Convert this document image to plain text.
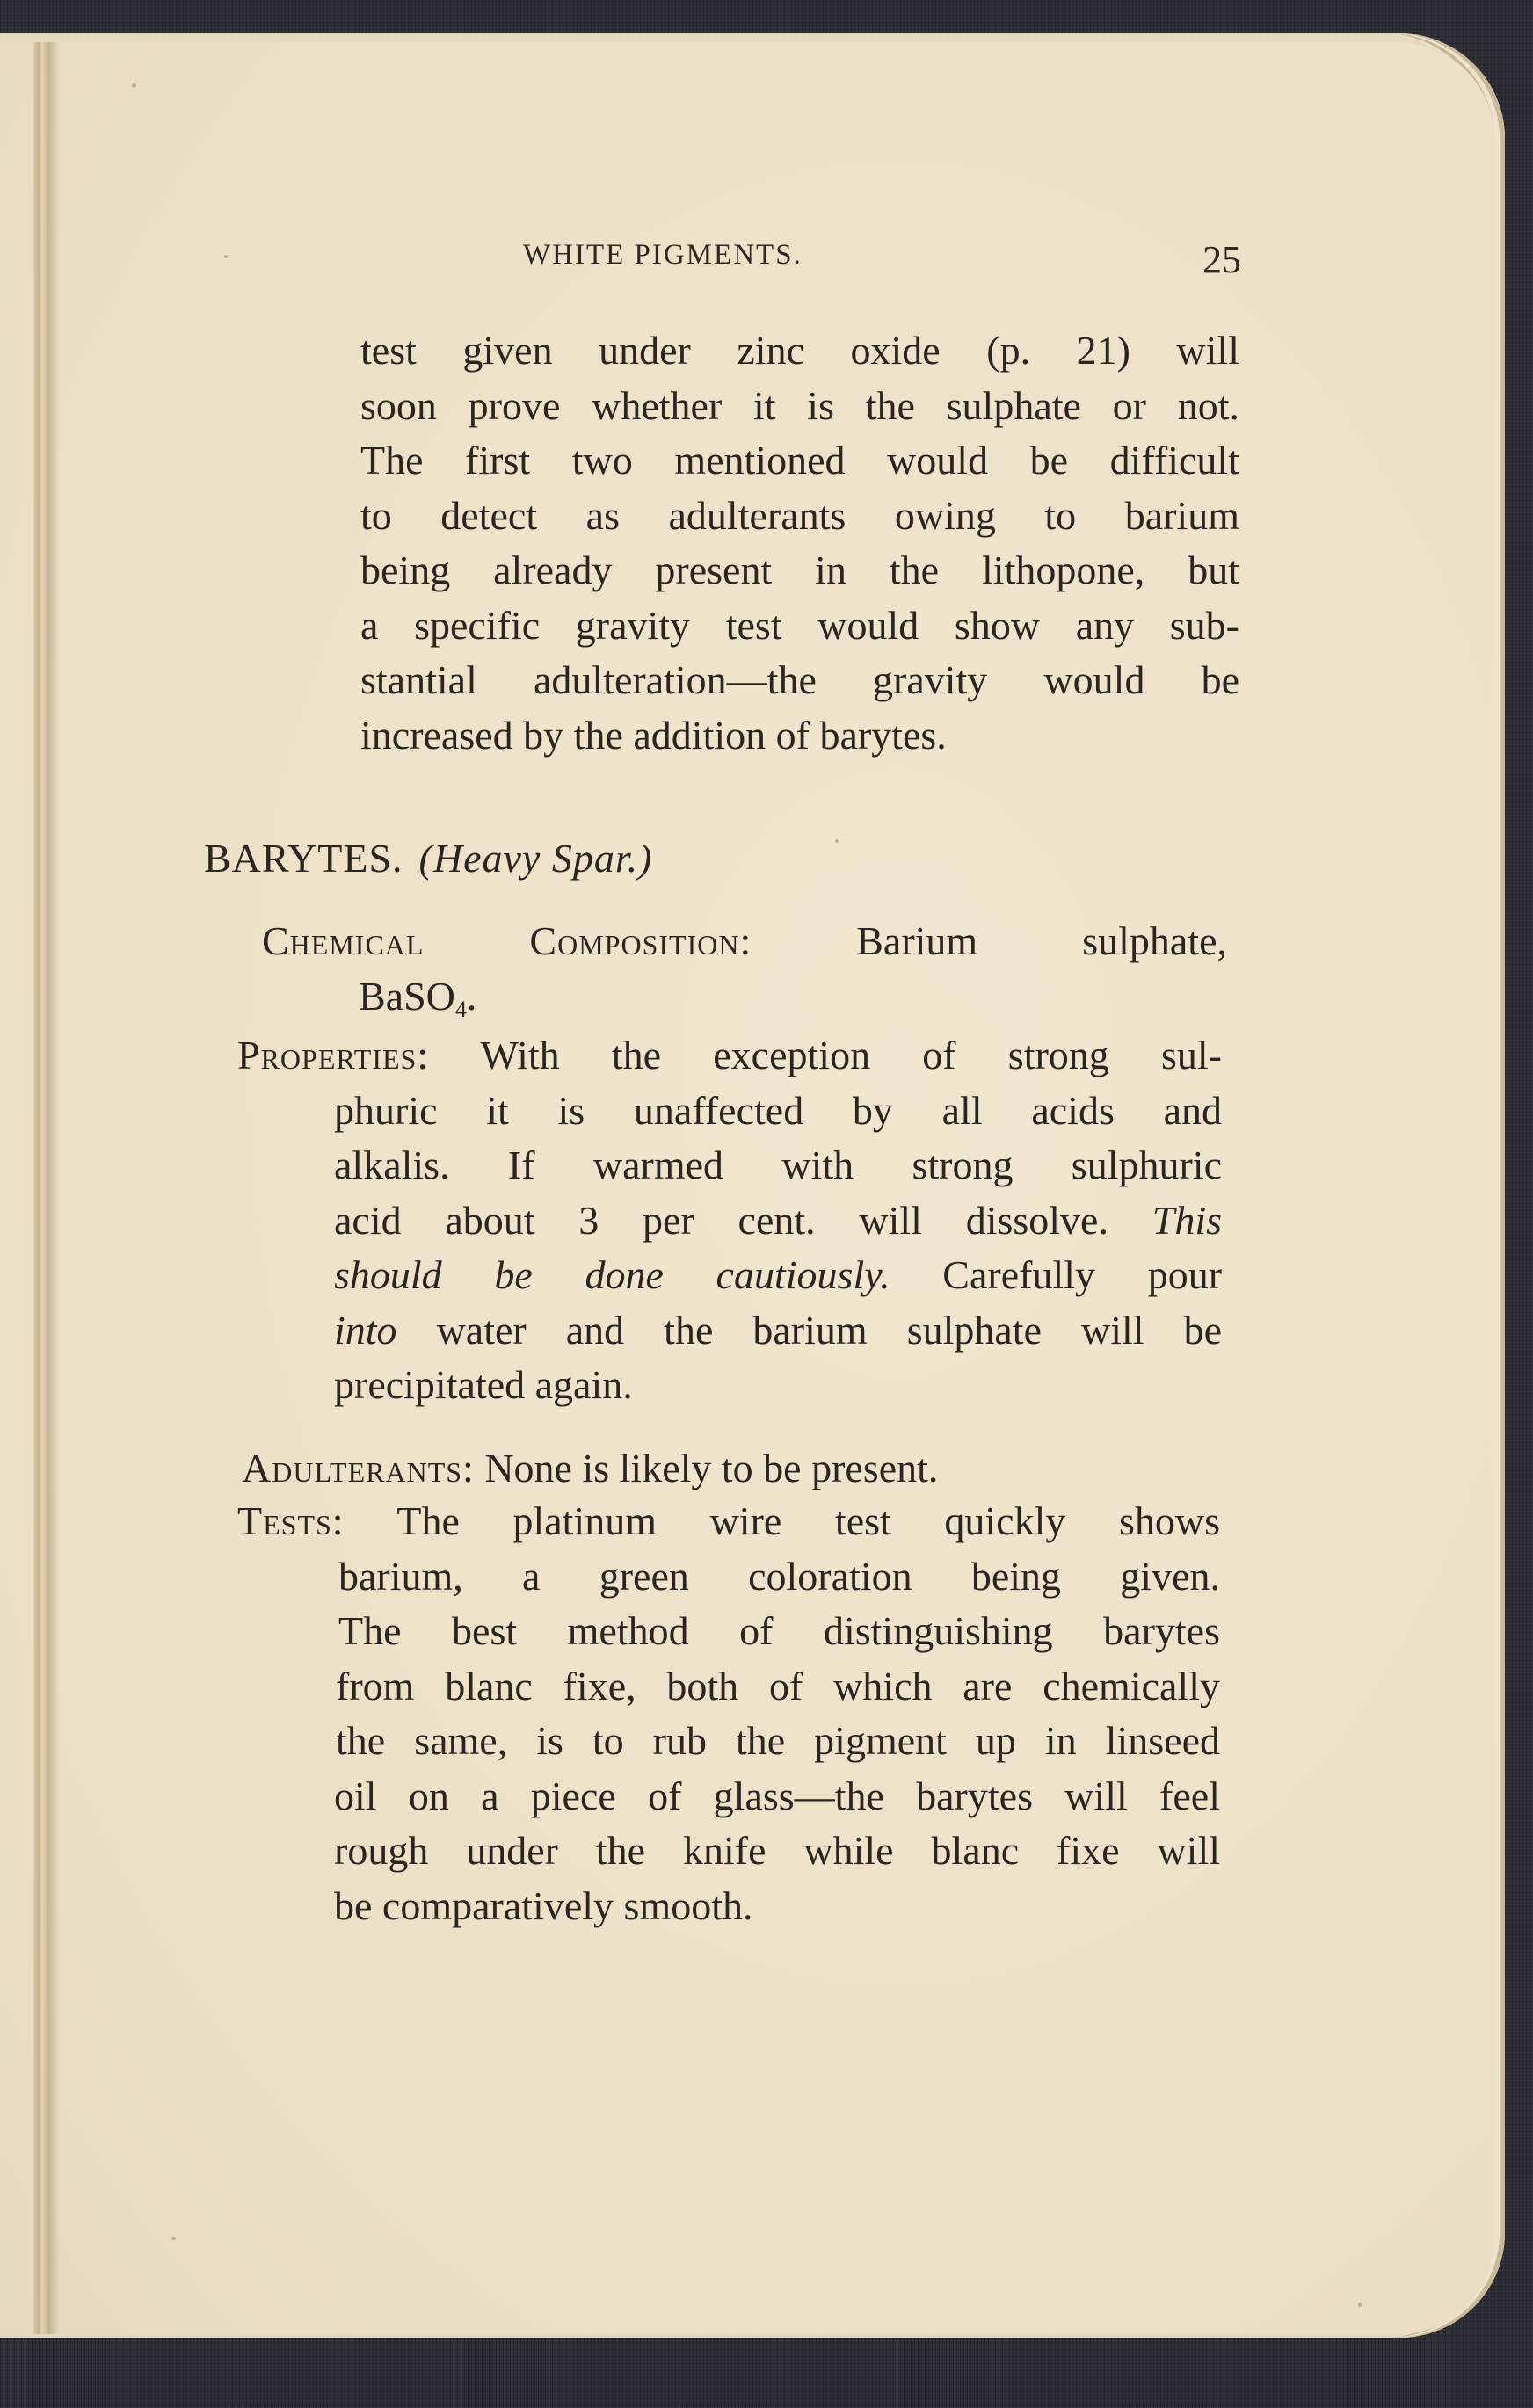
WHITE PIGMENTS.	25
test given under zinc oxide (p. 21) will
soon prove whether it is the sulphate or not.
The first two mentioned would be difficult
to detect as adulterants owing to barium
being already present in the lithopone, but
a specific gravity test would show any sub-
stantial adulteration—the gravity would be
increased by the addition of barytes.
BARYTES. (Heavy Spar.)
Chemical Composition:	Barium sulphate,
BaSO$_4$.
Properties: With the exception of strong sul-
phuric it is unaffected by all acids and
alkalis. If warmed with strong sulphuric
acid about 3 per cent. will dissolve. This
should be done cautiously. Carefully pour
into water and the barium sulphate will be
precipitated again.
Adulterants: None is likely to be present.
Tests: The platinum wire test quickly shows
barium, a green coloration being given.
The best method of distinguishing barytes
from blanc fixe, both of which are chemically
the same, is to rub the pigment up in linseed
oil on a piece of glass—the barytes will feel
rough under the knife while blanc fixe will
be comparatively smooth.
